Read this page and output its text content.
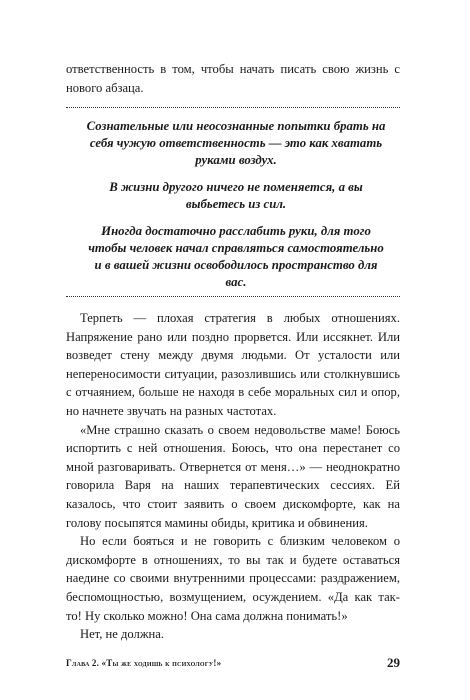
ответственность в том, чтобы начать писать свою жизнь с нового абзаца.

Сознательные или неосознанные попытки брать на себя чужую ответственность — это как хватать руками воздух.

В жизни другого ничего не поменяется, а вы выбьетесь из сил.

Иногда достаточно расслабить руки, для того чтобы человек начал справляться самостоятельно и в вашей жизни освободилось пространство для вас.

Терпеть — плохая стратегия в любых отношениях. Напряжение рано или поздно прорвется. Или иссякнет. Или возведет стену между двумя людьми. От усталости или непереносимости ситуации, разозлившись или столкнувшись с отчаянием, больше не находя в себе моральных сил и опор, но начнете звучать на разных частотах.

«Мне страшно сказать о своем недовольстве маме! Боюсь испортить с ней отношения. Боюсь, что она перестанет со мной разговаривать. Отвернется от меня…» — неоднократно говорила Варя на наших терапевтических сессиях. Ей казалось, что стоит заявить о своем дискомфорте, как на голову посыпятся мамины обиды, критика и обвинения.

Но если бояться и не говорить с близким человеком о дискомфорте в отношениях, то вы так и будете оставаться наедине со своими внутренними процессами: раздражением, беспомощностью, возмущением, осуждением. «Да как так-то! Ну сколько можно! Она сама должна понимать!»

Нет, не должна.

Глава 2. «Ты же ходишь к психологу!»	29
